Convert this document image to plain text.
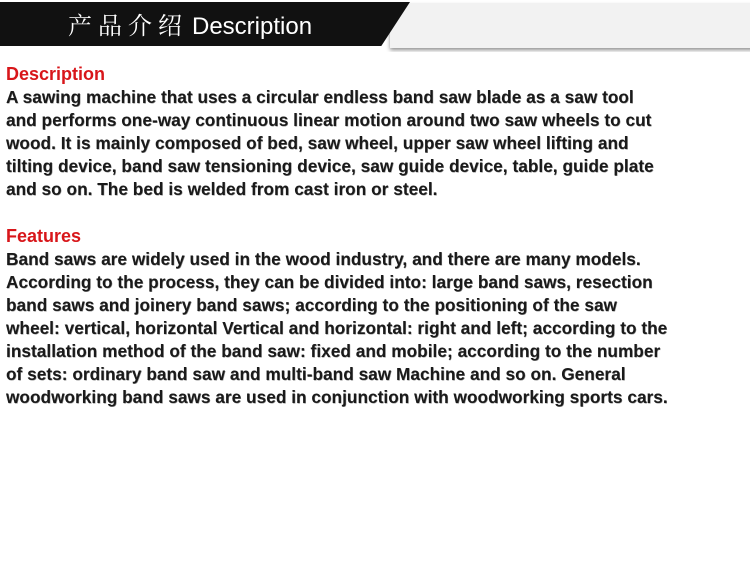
产品介绍 Description

Description

A sawing machine that uses a circular endless band saw blade as a saw tool

and performs one-way continuous linear motion around two saw wheels to cut

wood. It is mainly composed of bed, saw wheel, upper saw wheel lifting and

tilting device, band saw tensioning device, saw guide device, table, guide plate

and so on. The bed is welded from cast iron or steel.

Features

Band saws are widely used in the wood industry, and there are many models.

According to the process, they can be divided into: large band saws, resection

band saws and joinery band saws; according to the positioning of the saw

wheel: vertical, horizontal Vertical and horizontal: right and left; according to the

installation method of the band saw: fixed and mobile; according to the number

of sets: ordinary band saw and multi-band saw Machine and so on. General

woodworking band saws are used in conjunction with woodworking sports cars.
